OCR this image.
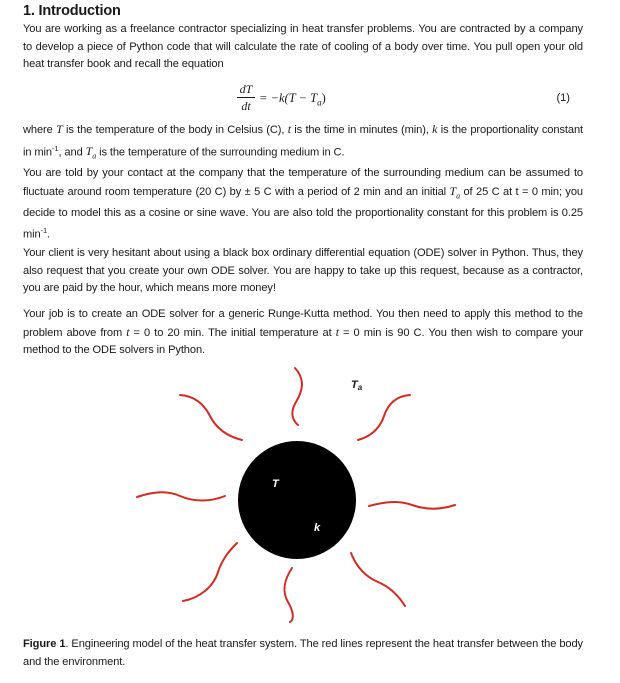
1. Introduction
You are working as a freelance contractor specializing in heat transfer problems. You are contracted by a company to develop a piece of Python code that will calculate the rate of cooling of a body over time. You pull open your old heat transfer book and recall the equation
dT
dt
= $-k(T - T_a)$	(1)
where T is the temperature of the body in Celsius (C), t is the time in minutes (min), k is the proportionality constant in $\min^{-1}$, and $T_a$ is the temperature of the surrounding medium in C.
You are told by your contact at the company that the temperature of the surrounding medium can be assumed to fluctuate around room temperature (20 C) by ± 5 C with a period of 2 min and an initial $T_a$ of 25 C at t = 0 min; you decide to model this as a cosine or sine wave. You are also told the proportionality constant for this problem is 0.25 $\min^{-1}$.
Your client is very hesitant about using a black box ordinary differential equation (ODE) solver in Python. Thus, they also request that you create your own ODE solver. You are happy to take up this request, because as a contractor, you are paid by the hour, which means more money!
Your job is to create an ODE solver for a generic Runge-Kutta method. You then need to apply this method to the problem above from t = 0 to 20 min. The initial temperature at t = 0 min is 90 C. You then wish to compare your method to the ODE solvers in Python.
Figure 1. Engineering model of the heat transfer system. The red lines represent the heat transfer between the body and the environment.
Ta
T
k
